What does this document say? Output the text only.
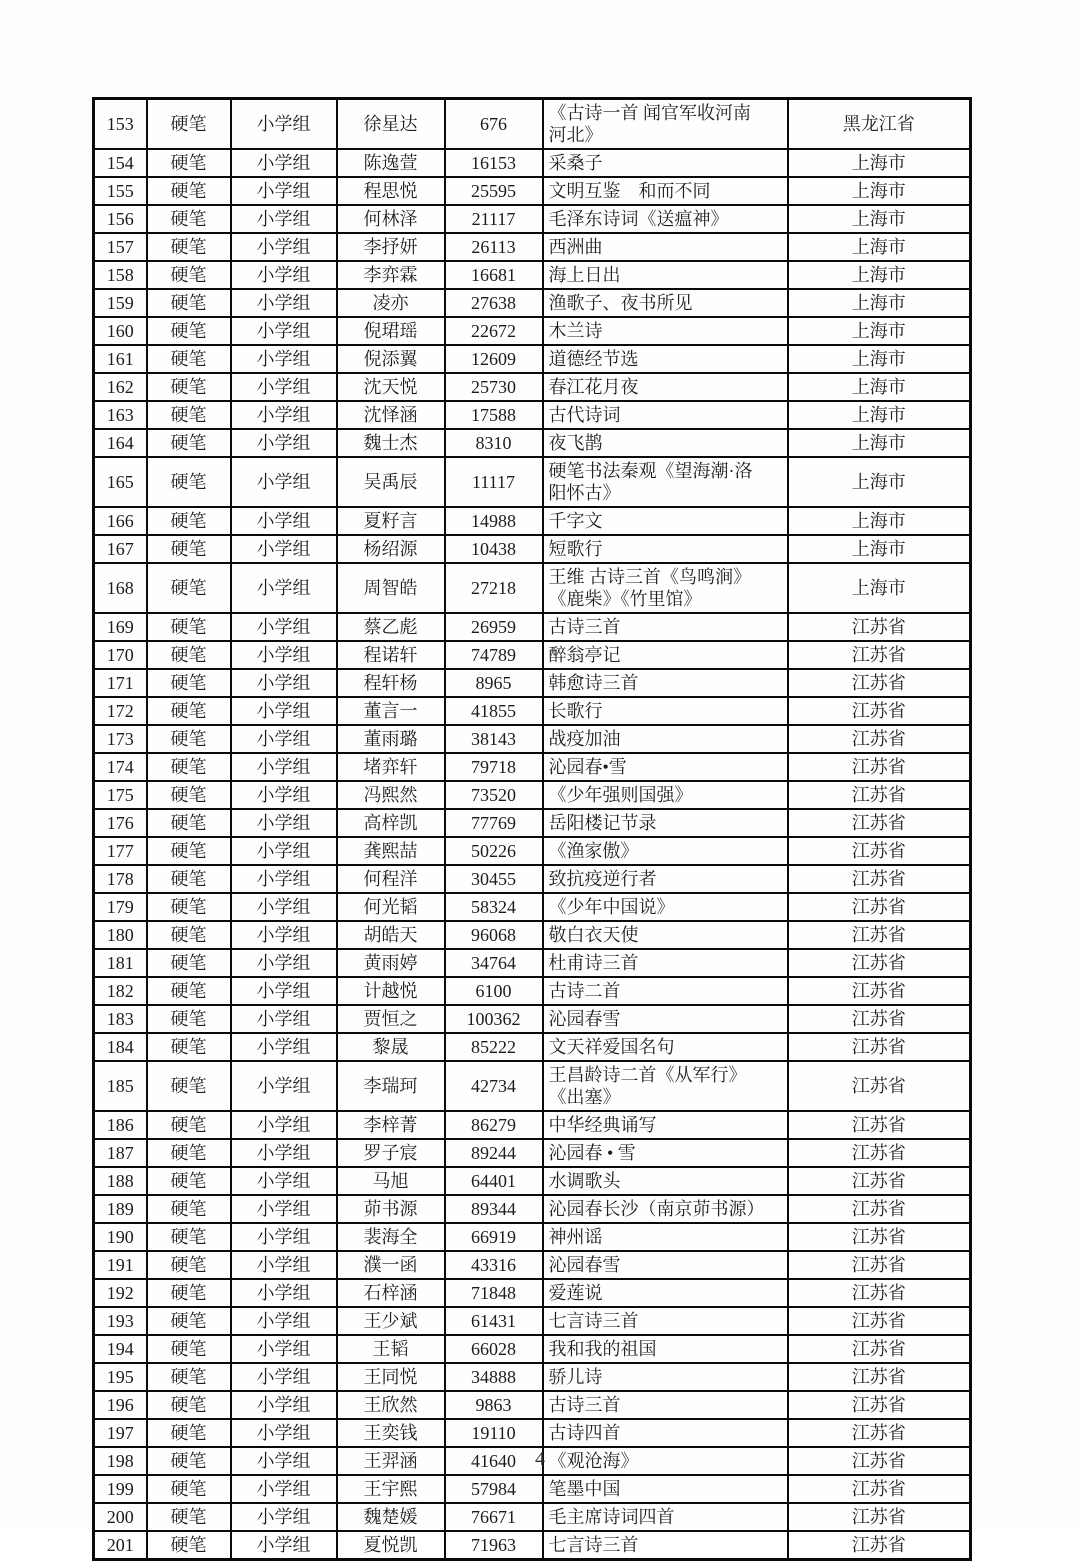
153	硬笔	小学组	徐星达	676	《古诗一首 闻官军收河南河北》	黑龙江省
154	硬笔	小学组	陈逸萱	16153	采桑子	上海市
155	硬笔	小学组	程思悦	25595	文明互鉴　和而不同	上海市
156	硬笔	小学组	何林泽	21117	毛泽东诗词《送瘟神》	上海市
157	硬笔	小学组	李抒妍	26113	西洲曲	上海市
158	硬笔	小学组	李弈霖	16681	海上日出	上海市
159	硬笔	小学组	凌亦	27638	渔歌子、夜书所见	上海市
160	硬笔	小学组	倪珺瑶	22672	木兰诗	上海市
161	硬笔	小学组	倪添翼	12609	道德经节选	上海市
162	硬笔	小学组	沈天悦	25730	春江花月夜	上海市
163	硬笔	小学组	沈怿涵	17588	古代诗词	上海市
164	硬笔	小学组	魏士杰	8310	夜飞鹊	上海市
165	硬笔	小学组	吴禹辰	11117	硬笔书法秦观《望海潮·洛阳怀古》	上海市
166	硬笔	小学组	夏籽言	14988	千字文	上海市
167	硬笔	小学组	杨绍源	10438	短歌行	上海市
168	硬笔	小学组	周智皓	27218	王维 古诗三首《鸟鸣涧》《鹿柴》《竹里馆》	上海市
169	硬笔	小学组	蔡乙彪	26959	古诗三首	江苏省
170	硬笔	小学组	程诺轩	74789	醉翁亭记	江苏省
171	硬笔	小学组	程轩杨	8965	韩愈诗三首	江苏省
172	硬笔	小学组	董言一	41855	长歌行	江苏省
173	硬笔	小学组	董雨璐	38143	战疫加油	江苏省
174	硬笔	小学组	堵弈轩	79718	沁园春•雪	江苏省
175	硬笔	小学组	冯熙然	73520	《少年强则国强》	江苏省
176	硬笔	小学组	高梓凯	77769	岳阳楼记节录	江苏省
177	硬笔	小学组	龚熙喆	50226	《渔家傲》	江苏省
178	硬笔	小学组	何程洋	30455	致抗疫逆行者	江苏省
179	硬笔	小学组	何光韬	58324	《少年中国说》	江苏省
180	硬笔	小学组	胡皓天	96068	敬白衣天使	江苏省
181	硬笔	小学组	黄雨婷	34764	杜甫诗三首	江苏省
182	硬笔	小学组	计越悦	6100	古诗二首	江苏省
183	硬笔	小学组	贾恒之	100362	沁园春雪	江苏省
184	硬笔	小学组	黎晟	85222	文天祥爱国名句	江苏省
185	硬笔	小学组	李瑞珂	42734	王昌龄诗二首《从军行》《出塞》	江苏省
186	硬笔	小学组	李梓菁	86279	中华经典诵写	江苏省
187	硬笔	小学组	罗子宸	89244	沁园春 • 雪	江苏省
188	硬笔	小学组	马旭	64401	水调歌头	江苏省
189	硬笔	小学组	茆书源	89344	沁园春长沙（南京茆书源）	江苏省
190	硬笔	小学组	裴海全	66919	神州谣	江苏省
191	硬笔	小学组	濮一函	43316	沁园春雪	江苏省
192	硬笔	小学组	石梓涵	71848	爱莲说	江苏省
193	硬笔	小学组	王少斌	61431	七言诗三首	江苏省
194	硬笔	小学组	王韬	66028	我和我的祖国	江苏省
195	硬笔	小学组	王同悦	34888	骄儿诗	江苏省
196	硬笔	小学组	王欣然	9863	古诗三首	江苏省
197	硬笔	小学组	王奕钱	19110	古诗四首	江苏省
198	硬笔	小学组	王羿涵	41640	《观沧海》	江苏省
199	硬笔	小学组	王宇熙	57984	笔墨中国	江苏省
200	硬笔	小学组	魏楚媛	76671	毛主席诗词四首	江苏省
201	硬笔	小学组	夏悦凯	71963	七言诗三首	江苏省
4
